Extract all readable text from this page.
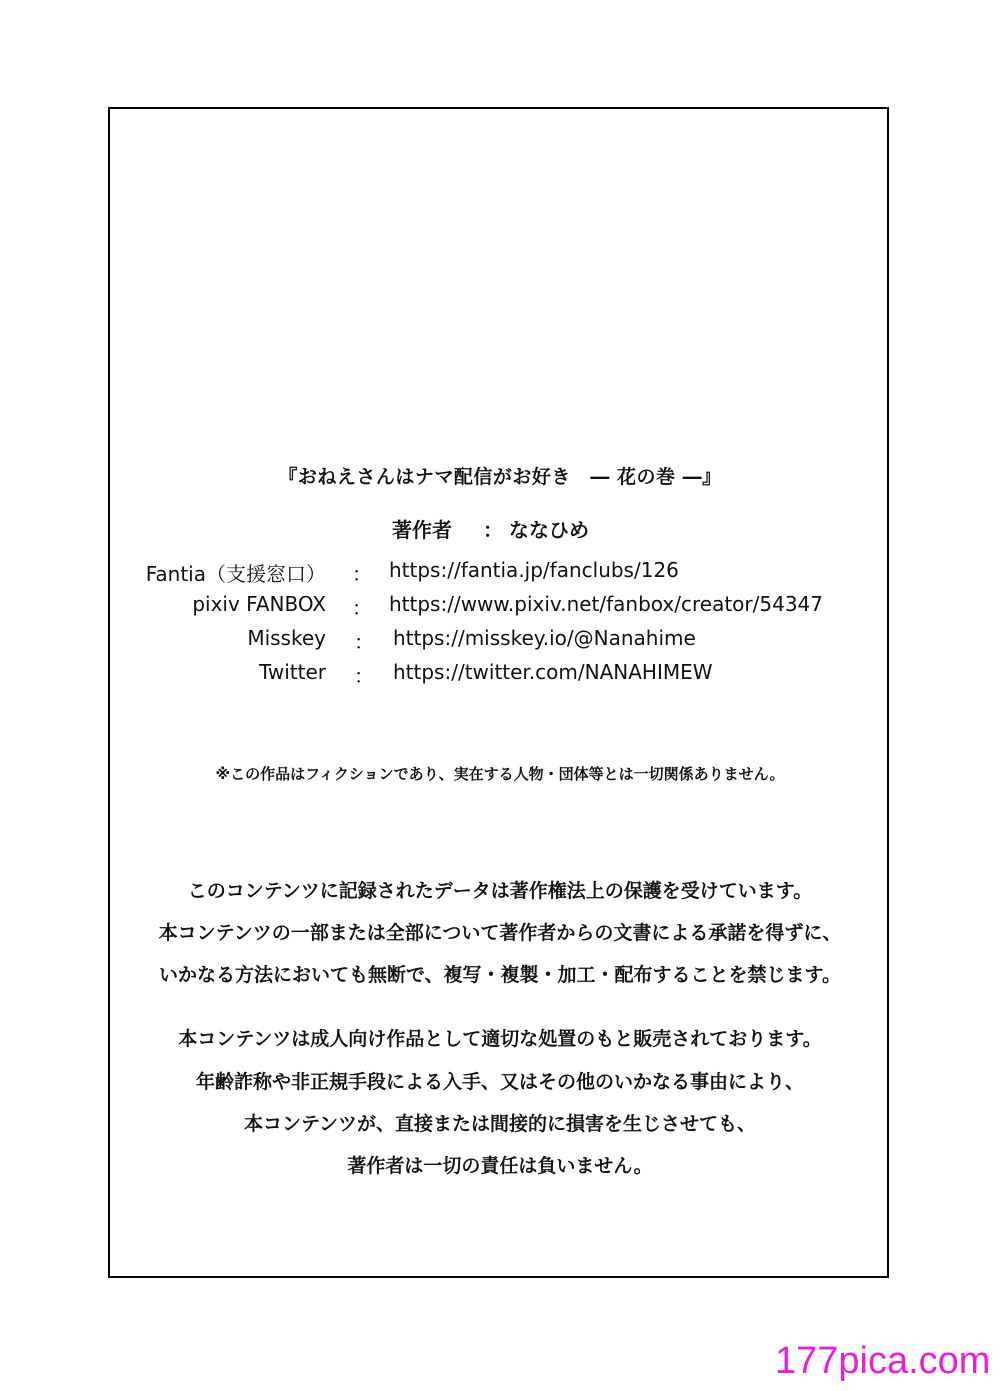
『おねえさんはナマ配信がお好き　― 花の巻 ―』
著作者 ： ななひめ
Fantia（支援窓口） ： https://fantia.jp/fanclubs/126
pixiv FANBOX ： https://www.pixiv.net/fanbox/creator/54347
Misskey ： https://misskey.io/@Nanahime
Twitter ： https://twitter.com/NANAHIMEW
※この作品はフィクションであり、実在する人物・団体等とは一切関係ありません。
このコンテンツに記録されたデータは著作権法上の保護を受けています。
本コンテンツの一部または全部について著作者からの文書による承諾を得ずに、
いかなる方法においても無断で、複写・複製・加工・配布することを禁じます。
本コンテンツは成人向け作品として適切な処置のもと販売されております。
年齢詐称や非正規手段による入手、又はその他のいかなる事由により、
本コンテンツが、直接または間接的に損害を生じさせても、
著作者は一切の責任は負いません。
177pica.com
